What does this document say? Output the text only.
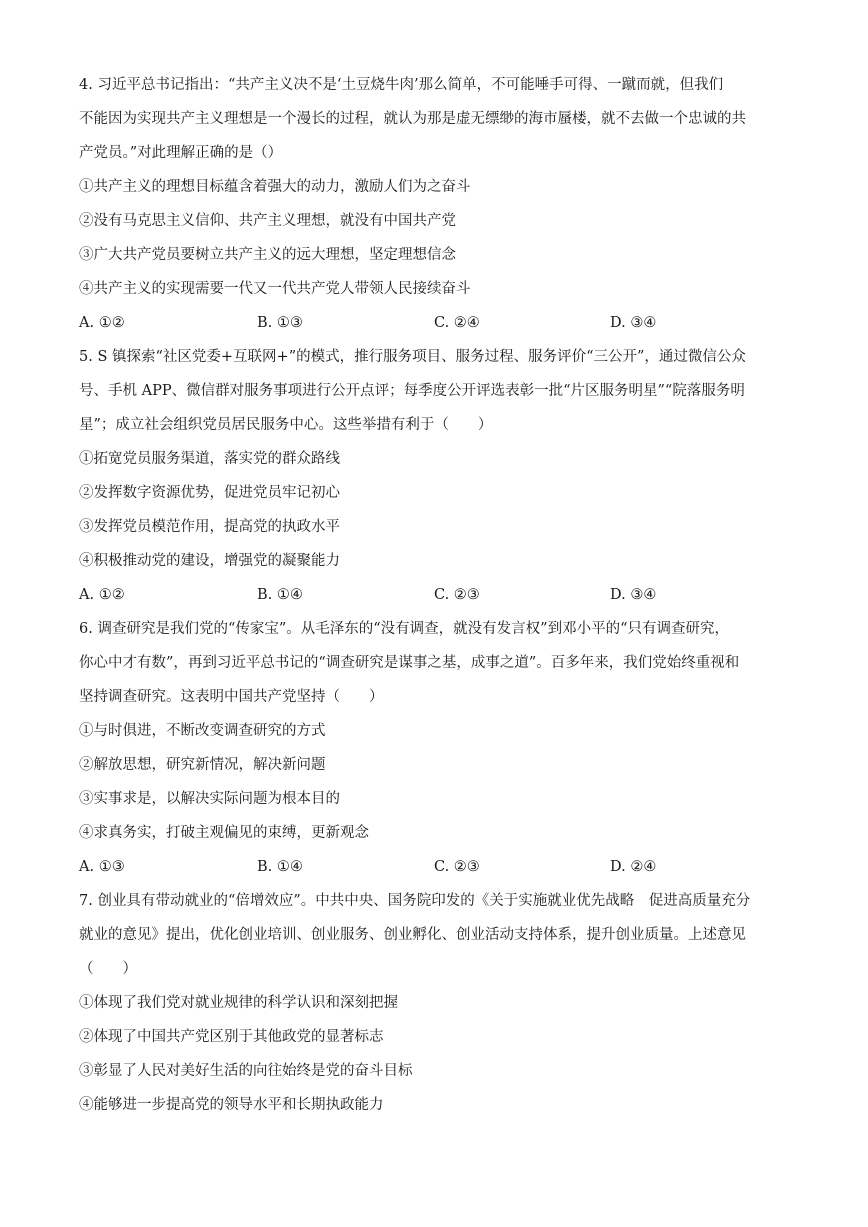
4. 习近平总书记指出：“共产主义决不是‘土豆烧牛肉’那么简单，不可能唾手可得、一蹴而就，但我们
不能因为实现共产主义理想是一个漫长的过程，就认为那是虚无缥缈的海市蜃楼，就不去做一个忠诚的共
产党员。”对此理解正确的是（）
①共产主义的理想目标蕴含着强大的动力，激励人们为之奋斗
②没有马克思主义信仰、共产主义理想，就没有中国共产党
③广大共产党员要树立共产主义的远大理想，坚定理想信念
④共产主义的实现需要一代又一代共产党人带领人民接续奋斗
A. ①②	B. ①③	C. ②④	D. ③④
5. S 镇探索“社区党委+互联网+”的模式，推行服务项目、服务过程、服务评价“三公开”，通过微信公众
号、手机 APP、微信群对服务事项进行公开点评；每季度公开评选表彰一批“片区服务明星”“院落服务明
星”；成立社会组织党员居民服务中心。这些举措有利于（　　）
①拓宽党员服务渠道，落实党的群众路线
②发挥数字资源优势，促进党员牢记初心
③发挥党员模范作用，提高党的执政水平
④积极推动党的建设，增强党的凝聚能力
A. ①②	B. ①④	C. ②③	D. ③④
6. 调查研究是我们党的“传家宝”。从毛泽东的“没有调查，就没有发言权”到邓小平的“只有调查研究，
你心中才有数”，再到习近平总书记的“调查研究是谋事之基，成事之道”。百多年来，我们党始终重视和
坚持调查研究。这表明中国共产党坚持（　　）
①与时俱进，不断改变调查研究的方式
②解放思想，研究新情况，解决新问题
③实事求是，以解决实际问题为根本目的
④求真务实，打破主观偏见的束缚，更新观念
A. ①③	B. ①④	C. ②③	D. ②④
7. 创业具有带动就业的“倍增效应”。中共中央、国务院印发的《关于实施就业优先战略　促进高质量充分
就业的意见》提出，优化创业培训、创业服务、创业孵化、创业活动支持体系，提升创业质量。上述意见
（　　）
①体现了我们党对就业规律的科学认识和深刻把握
②体现了中国共产党区别于其他政党的显著标志
③彰显了人民对美好生活的向往始终是党的奋斗目标
④能够进一步提高党的领导水平和长期执政能力
